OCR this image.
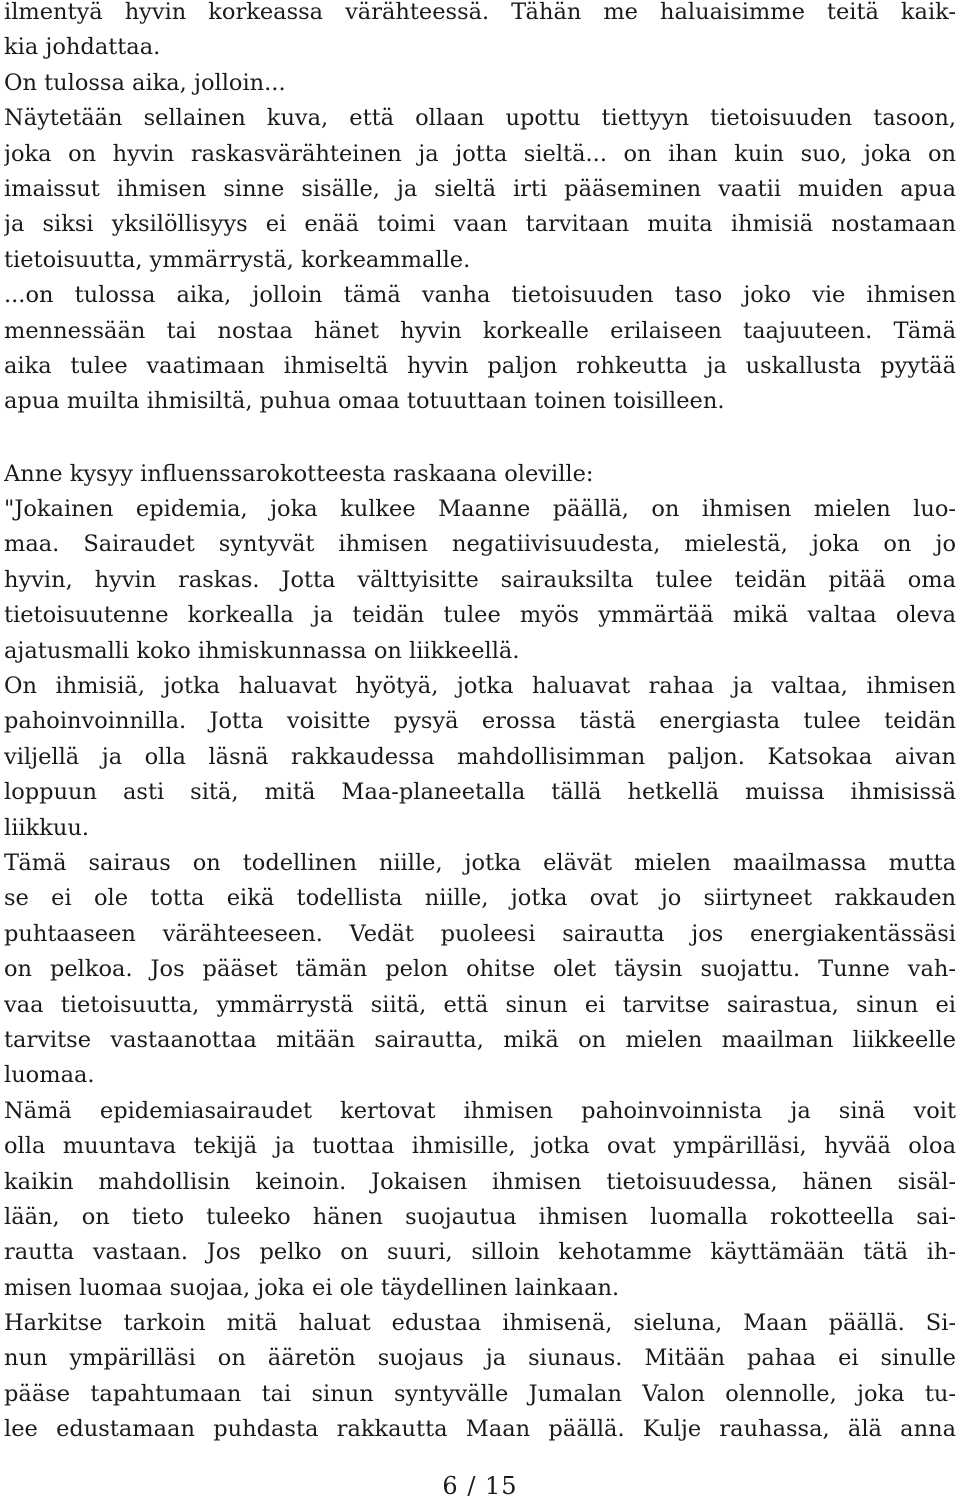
ilmentyä hyvin korkeassa värähteessä. Tähän me haluaisimme teitä kaik-
kia johdattaa.
On tulossa aika, jolloin...
Näytetään sellainen kuva, että ollaan upottu tiettyyn tietoisuuden tasoon,
joka on hyvin raskasvärähteinen ja jotta sieltä... on ihan kuin suo, joka on
imaissut ihmisen sinne sisälle, ja sieltä irti pääseminen vaatii muiden apua
ja siksi yksilöllisyys ei enää toimi vaan tarvitaan muita ihmisiä nostamaan
tietoisuutta, ymmärrystä, korkeammalle.
...on tulossa aika, jolloin tämä vanha tietoisuuden taso joko vie ihmisen
mennessään tai nostaa hänet hyvin korkealle erilaiseen taajuuteen. Tämä
aika tulee vaatimaan ihmiseltä hyvin paljon rohkeutta ja uskallusta pyytää
apua muilta ihmisiltä, puhua omaa totuuttaan toinen toisilleen.
Anne kysyy influenssarokotteesta raskaana oleville:
"Jokainen epidemia, joka kulkee Maanne päällä, on ihmisen mielen luo-
maa. Sairaudet syntyvät ihmisen negatiivisuudesta, mielestä, joka on jo
hyvin, hyvin raskas. Jotta välttyisitte sairauksilta tulee teidän pitää oma
tietoisuutenne korkealla ja teidän tulee myös ymmärtää mikä valtaa oleva
ajatusmalli koko ihmiskunnassa on liikkeellä.
On ihmisiä, jotka haluavat hyötyä, jotka haluavat rahaa ja valtaa, ihmisen
pahoinvoinnilla. Jotta voisitte pysyä erossa tästä energiasta tulee teidän
viljellä ja olla läsnä rakkaudessa mahdollisimman paljon. Katsokaa aivan
loppuun asti sitä, mitä Maa-planeetalla tällä hetkellä muissa ihmisissä
liikkuu.
Tämä sairaus on todellinen niille, jotka elävät mielen maailmassa mutta
se ei ole totta eikä todellista niille, jotka ovat jo siirtyneet rakkauden
puhtaaseen värähteeseen. Vedät puoleesi sairautta jos energiakentässäsi
on pelkoa. Jos pääset tämän pelon ohitse olet täysin suojattu. Tunne vah-
vaa tietoisuutta, ymmärrystä siitä, että sinun ei tarvitse sairastua, sinun ei
tarvitse vastaanottaa mitään sairautta, mikä on mielen maailman liikkeelle
luomaa.
Nämä epidemiasairaudet kertovat ihmisen pahoinvoinnista ja sinä voit
olla muuntava tekijä ja tuottaa ihmisille, jotka ovat ympärilläsi, hyvää oloa
kaikin mahdollisin keinoin. Jokaisen ihmisen tietoisuudessa, hänen sisäl-
lään, on tieto tuleeko hänen suojautua ihmisen luomalla rokotteella sai-
rautta vastaan. Jos pelko on suuri, silloin kehotamme käyttämään tätä ih-
misen luomaa suojaa, joka ei ole täydellinen lainkaan.
Harkitse tarkoin mitä haluat edustaa ihmisenä, sieluna, Maan päällä. Si-
nun ympärilläsi on ääretön suojaus ja siunaus. Mitään pahaa ei sinulle
pääse tapahtumaan tai sinun syntyvälle Jumalan Valon olennolle, joka tu-
lee edustamaan puhdasta rakkautta Maan päällä. Kulje rauhassa, älä anna
6 / 15
